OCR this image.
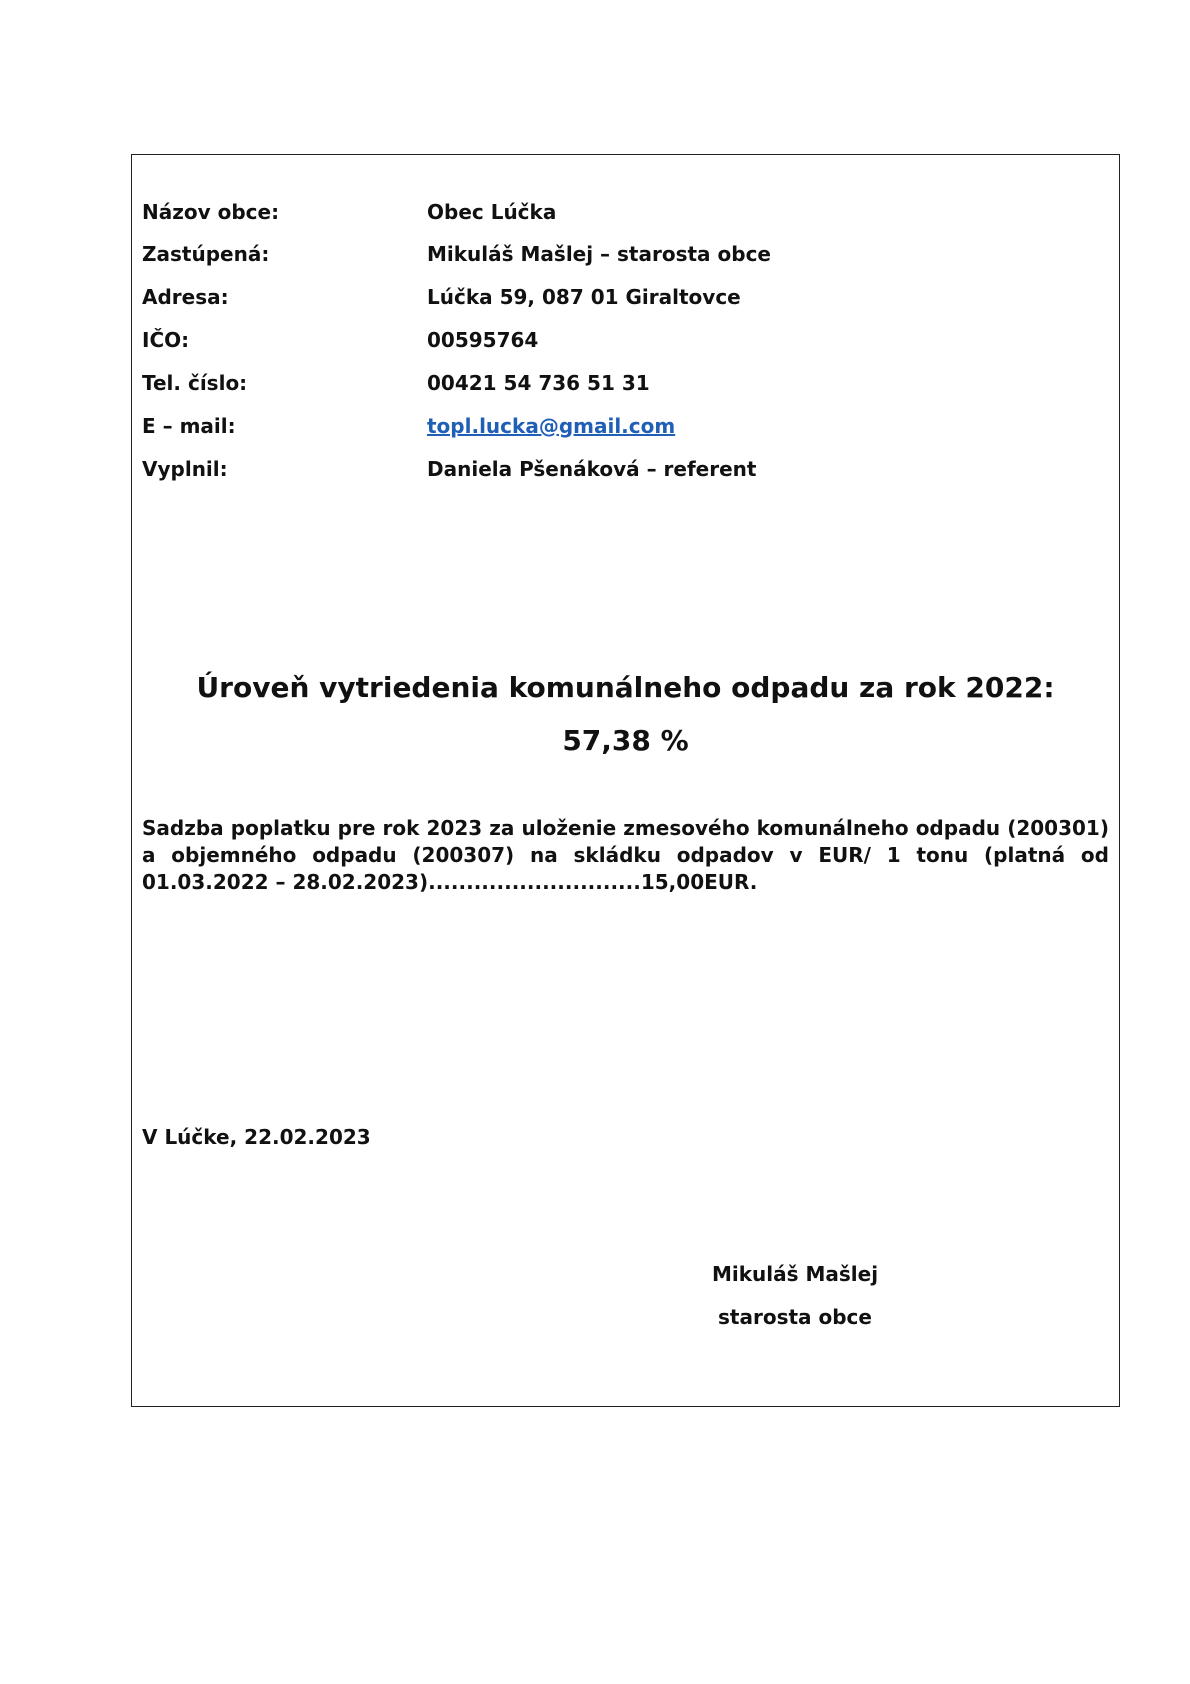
Názov obce:	Obec Lúčka
Zastúpená:	Mikuláš Mašlej – starosta obce
Adresa:	Lúčka 59, 087 01 Giraltovce
IČO:	00595764
Tel. číslo:	00421 54 736 51 31
E – mail:	topl.lucka@gmail.com
Vyplnil:	Daniela Pšenáková – referent
Úroveň vytriedenia komunálneho odpadu za rok 2022:
57,38 %
Sadzba poplatku pre rok 2023 za uloženie zmesového komunálneho odpadu (200301) a objemného odpadu (200307) na skládku odpadov v EUR/ 1 tonu (platná od 01.03.2022 – 28.02.2023)............................15,00EUR.
V Lúčke, 22.02.2023
Mikuláš Mašlej
starosta obce
